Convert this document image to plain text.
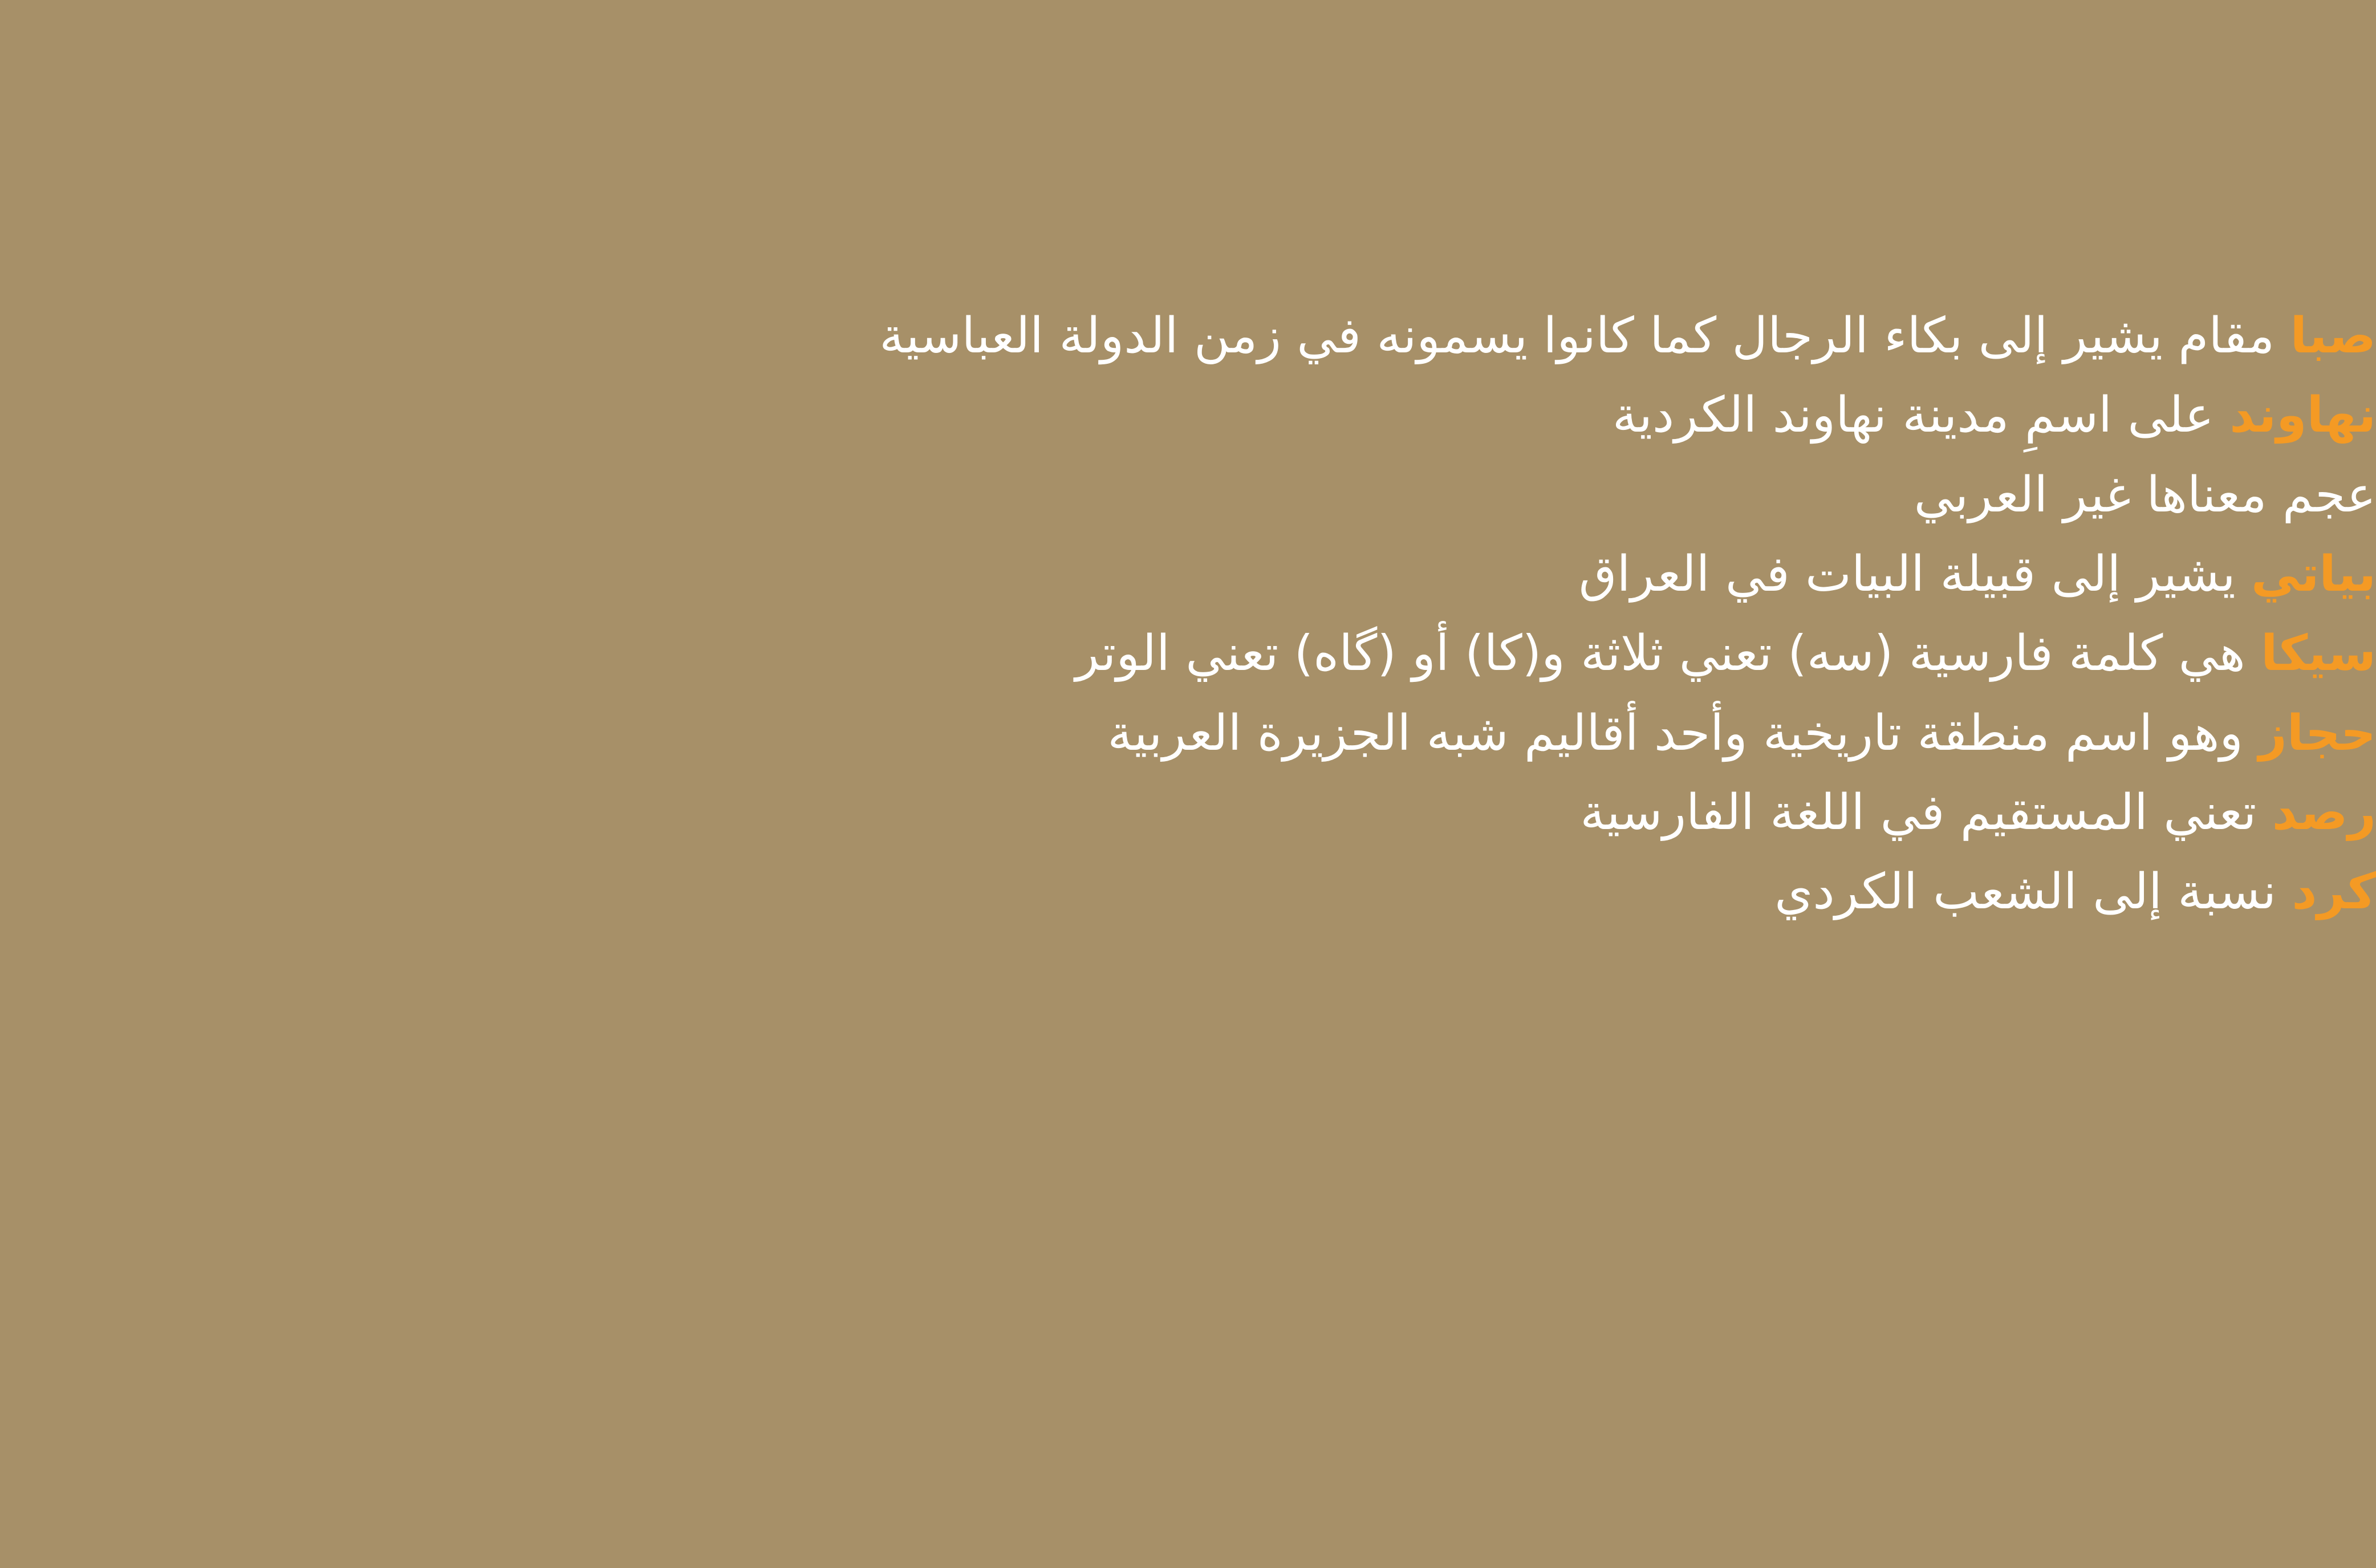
صبا مقام يشير إلى بكاء الرجال كما كانوا يسمونه في زمن الدولة العباسية
نهاوند على اسمِ مدينة نهاوند الكردية
عجم معناها غير العربي
بياتي يشير إلى قبيلة البيات في العراق
سيكا هي كلمة فارسية (سه) تعني ثلاثة و(كا) أو (گاه) تعني الوتر
حجاز وهو اسم منطقة تاريخية وأحد أقاليم شبه الجزيرة العربية
رصد تعني المستقيم في اللغة الفارسية
كرد نسبة إلى الشعب الكردي
